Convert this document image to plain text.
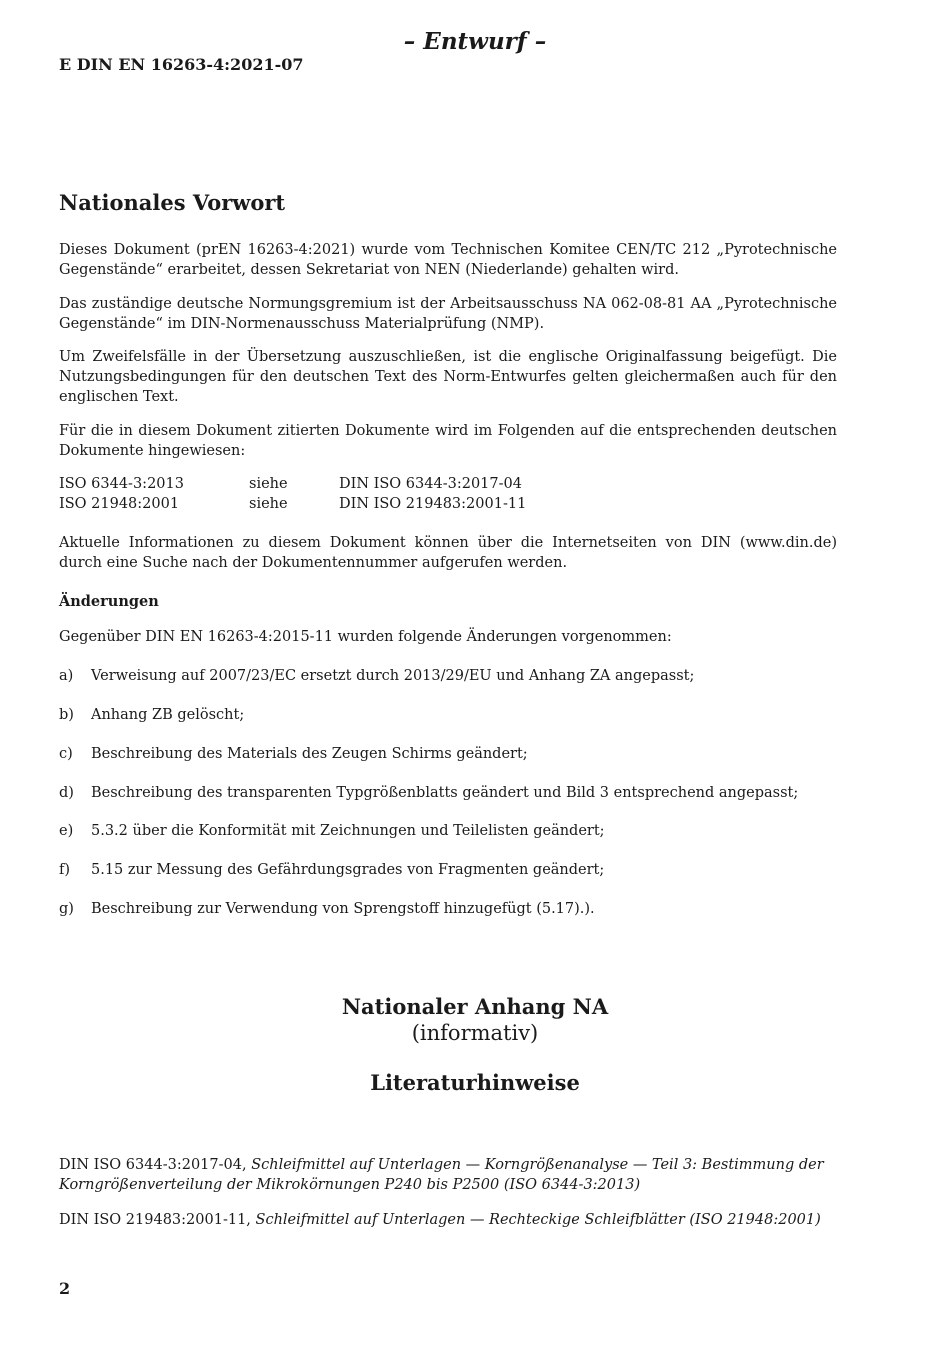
– Entwurf –
E DIN EN 16263-4:2021-07
Nationales Vorwort
Dieses Dokument (prEN 16263-4:2021) wurde vom Technischen Komitee CEN/TC 212 „Pyrotechnische Gegenstände“ erarbeitet, dessen Sekretariat von NEN (Niederlande) gehalten wird.
Das zuständige deutsche Normungsgremium ist der Arbeitsausschuss NA 062-08-81 AA „Pyrotechnische Gegenstände“ im DIN-Normenausschuss Materialprüfung (NMP).
Um Zweifelsfälle in der Übersetzung auszuschließen, ist die englische Originalfassung beigefügt. Die Nutzungsbedingungen für den deutschen Text des Norm-Entwurfes gelten gleichermaßen auch für den englischen Text.
Für die in diesem Dokument zitierten Dokumente wird im Folgenden auf die entsprechenden deutschen Dokumente hingewiesen:
ISO 6344-3:2013	siehe	DIN ISO 6344-3:2017-04
ISO 21948:2001	siehe	DIN ISO 219483:2001-11
Aktuelle Informationen zu diesem Dokument können über die Internetseiten von DIN (www.din.de) durch eine Suche nach der Dokumentennummer aufgerufen werden.
Änderungen
Gegenüber DIN EN 16263-4:2015-11 wurden folgende Änderungen vorgenommen:
a)	Verweisung auf 2007/23/EC ersetzt durch 2013/29/EU und Anhang ZA angepasst;
b)	Anhang ZB gelöscht;
c)	Beschreibung des Materials des Zeugen Schirms geändert;
d)	Beschreibung des transparenten Typgrößenblatts geändert und Bild 3 entsprechend angepasst;
e)	5.3.2 über die Konformität mit Zeichnungen und Teilelisten geändert;
f)	5.15 zur Messung des Gefährdungsgrades von Fragmenten geändert;
g)	Beschreibung zur Verwendung von Sprengstoff hinzugefügt (5.17).).
Nationaler Anhang NA
(informativ)
Literaturhinweise
DIN ISO 6344-3:2017-04, Schleifmittel auf Unterlagen — Korngrößenanalyse — Teil 3: Bestimmung der Korngrößenverteilung der Mikrokörnungen P240 bis P2500 (ISO 6344-3:2013)
DIN ISO 219483:2001-11, Schleifmittel auf Unterlagen — Rechteckige Schleifblätter (ISO 21948:2001)
2
